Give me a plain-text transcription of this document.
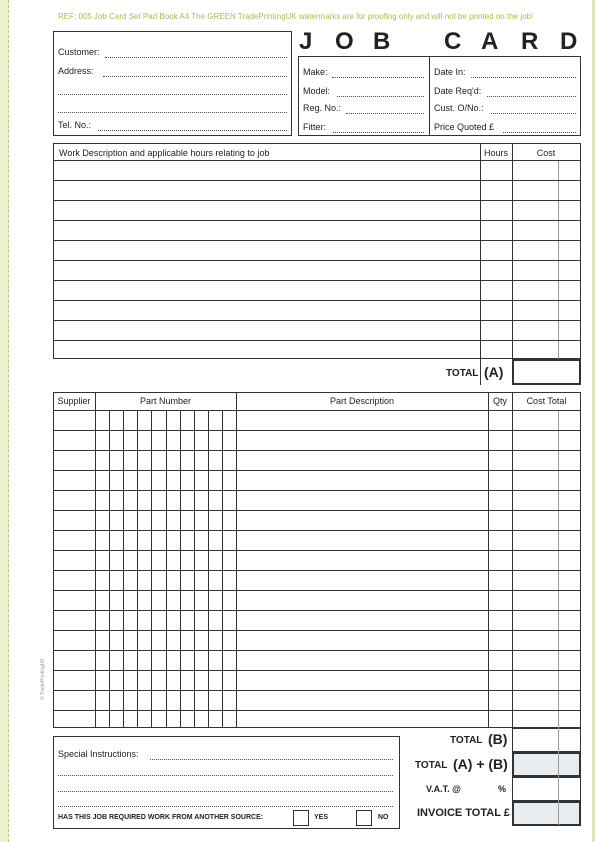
REF: 005 Job Card Set Pad Book A4 The GREEN TradePrintingUK watermarks are for proofing only and will not be printed on the job!
© TradePrintingUK
J O B C A R D
Customer:
Address:
Tel. No.:
Make:
Model:
Reg. No.:
Fitter:
Date In:
Date Req'd:
Cust. O/No.:
Price Quoted £
Work Description and applicable hours relating to job	Hours	Cost
TOTAL (A)
Supplier	Part Number	Part Description	Qty	Cost Total
Special Instructions:
HAS THIS JOB REQUIRED WORK FROM ANOTHER SOURCE:	YES	NO
TOTAL (B)
TOTAL (A) + (B)
V.A.T. @	%
INVOICE TOTAL £
